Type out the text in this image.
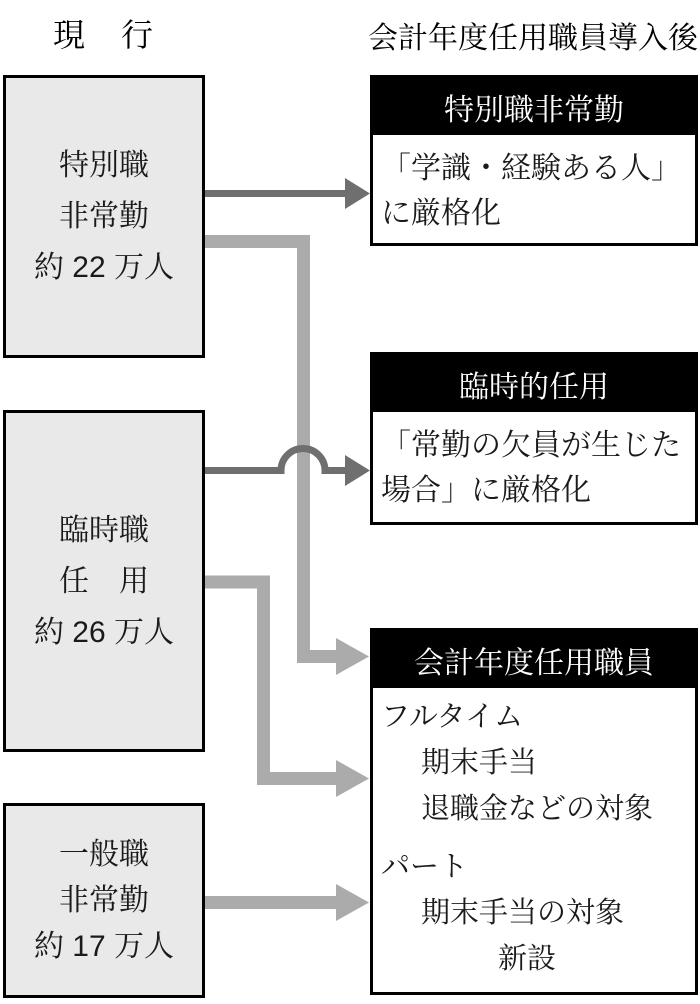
現　行	会計年度任用職員導入後
特別職
非常勤
約 22 万人
臨時職
任　用
約 26 万人
一般職
非常勤
約 17 万人
特別職非常勤
「学識・経験ある人」
に厳格化
臨時的任用
「常勤の欠員が生じた
場合」に厳格化
会計年度任用職員
フルタイム
期末手当
退職金などの対象
パート
期末手当の対象
新設
